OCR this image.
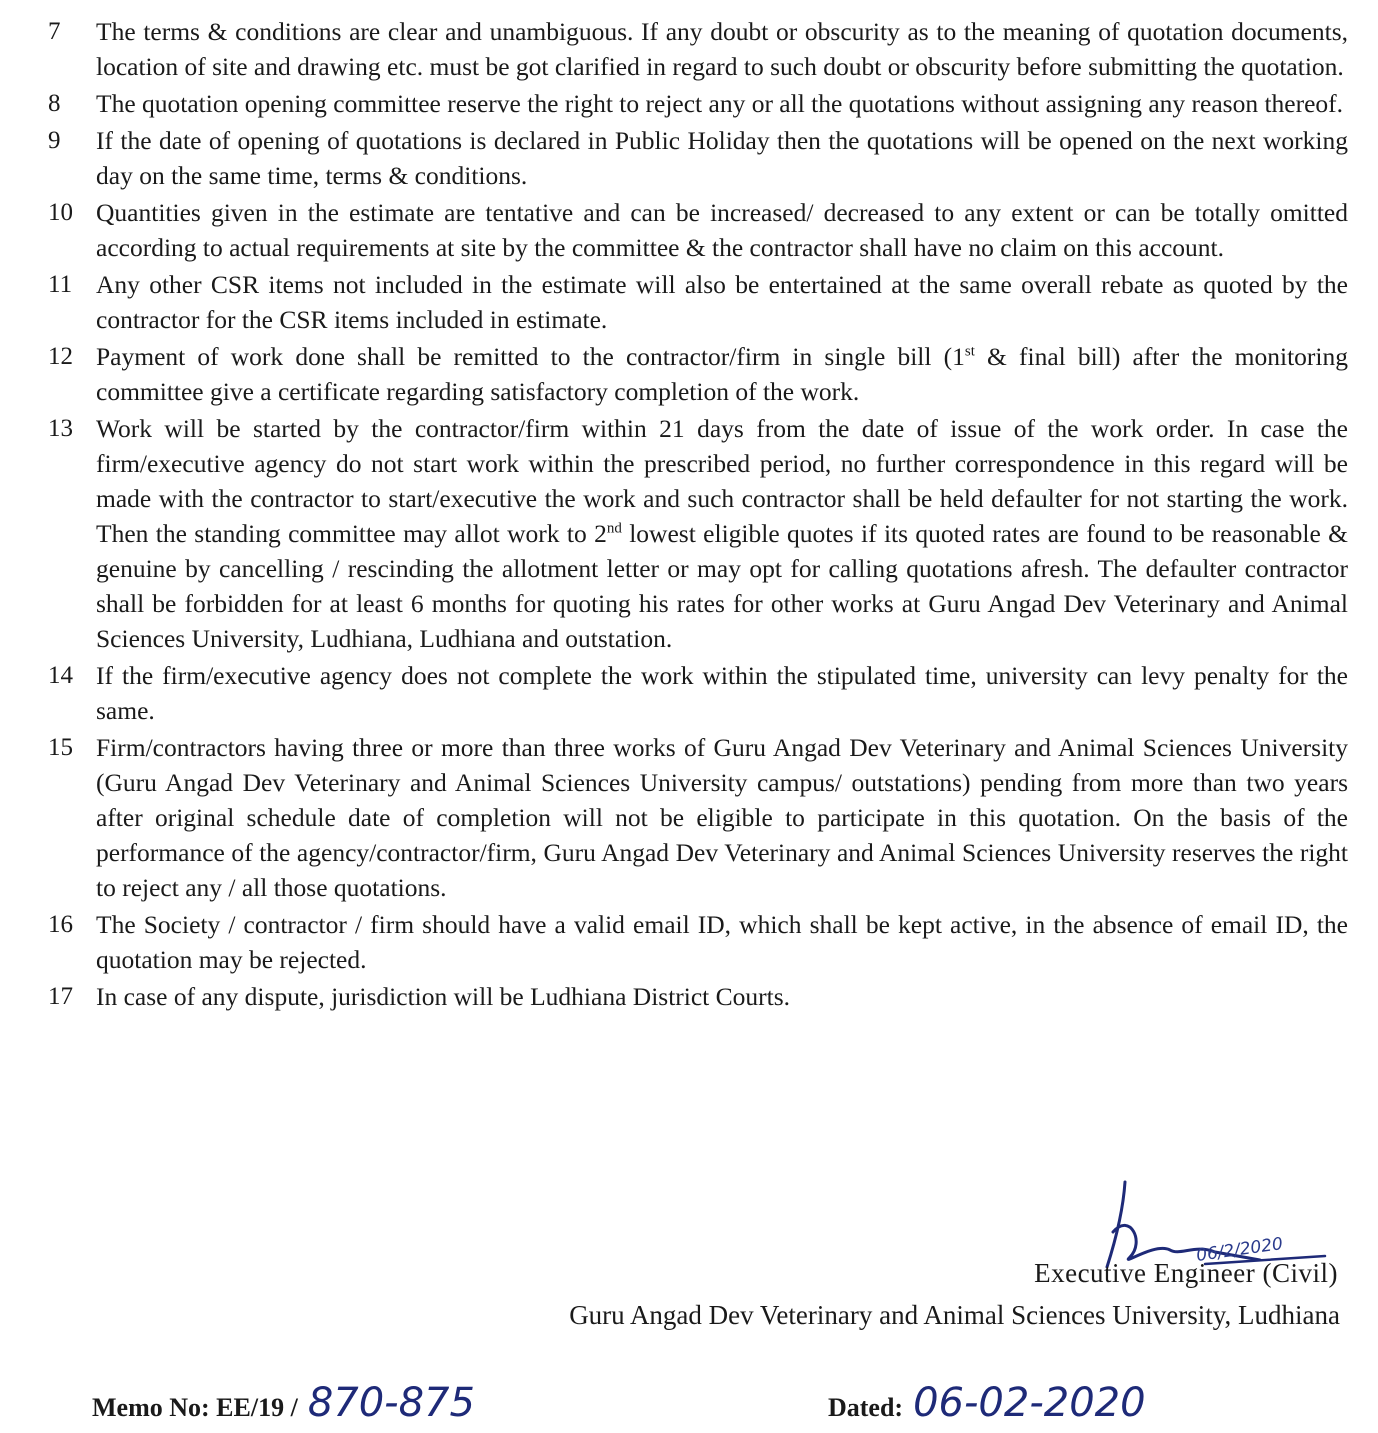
7	The terms & conditions are clear and unambiguous. If any doubt or obscurity as to the meaning of quotation documents, location of site and drawing etc. must be got clarified in regard to such doubt or obscurity before submitting the quotation.
8	The quotation opening committee reserve the right to reject any or all the quotations without assigning any reason thereof.
9	If the date of opening of quotations is declared in Public Holiday then the quotations will be opened on the next working day on the same time, terms & conditions.
10 Quantities given in the estimate are tentative and can be increased/ decreased to any extent or can be totally omitted according to actual requirements at site by the committee & the contractor shall have no claim on this account.
11 Any other CSR items not included in the estimate will also be entertained at the same overall rebate as quoted by the contractor for the CSR items included in estimate.
12 Payment of work done shall be remitted to the contractor/firm in single bill (1st & final bill) after the monitoring committee give a certificate regarding satisfactory completion of the work.
13 Work will be started by the contractor/firm within 21 days from the date of issue of the work order. In case the firm/executive agency do not start work within the prescribed period, no further correspondence in this regard will be made with the contractor to start/executive the work and such contractor shall be held defaulter for not starting the work. Then the standing committee may allot work to 2nd lowest eligible quotes if its quoted rates are found to be reasonable & genuine by cancelling / rescinding the allotment letter or may opt for calling quotations afresh. The defaulter contractor shall be forbidden for at least 6 months for quoting his rates for other works at Guru Angad Dev Veterinary and Animal Sciences University, Ludhiana, Ludhiana and outstation.
14 If the firm/executive agency does not complete the work within the stipulated time, university can levy penalty for the same.
15 Firm/contractors having three or more than three works of Guru Angad Dev Veterinary and Animal Sciences University (Guru Angad Dev Veterinary and Animal Sciences University campus/ outstations) pending from more than two years after original schedule date of completion will not be eligible to participate in this quotation. On the basis of the performance of the agency/contractor/firm, Guru Angad Dev Veterinary and Animal Sciences University reserves the right to reject any / all those quotations.
16 The Society / contractor / firm should have a valid email ID, which shall be kept active, in the absence of email ID, the quotation may be rejected.
17 In case of any dispute, jurisdiction will be Ludhiana District Courts.
06/2/2020
Executive Engineer (Civil)
Guru Angad Dev Veterinary and Animal Sciences University, Ludhiana
Memo No: EE/19 / 870-875	Dated: 06-02-2020
